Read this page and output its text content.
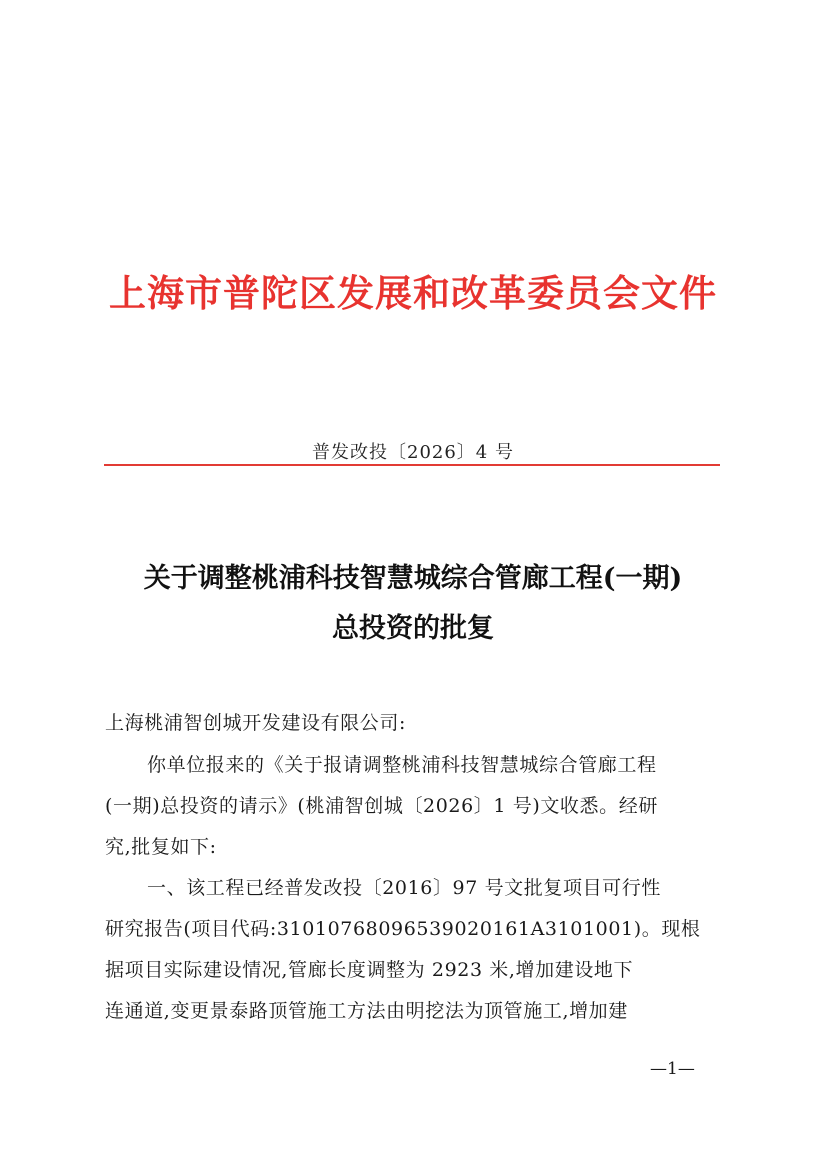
上海市普陀区发展和改革委员会文件
普发改投〔2026〕4 号
关于调整桃浦科技智慧城综合管廊工程(一期)
总投资的批复
上海桃浦智创城开发建设有限公司:
你单位报来的《关于报请调整桃浦科技智慧城综合管廊工程
(一期)总投资的请示》(桃浦智创城〔2026〕1 号)文收悉。经研
究,批复如下:
一、该工程已经普发改投〔2016〕97 号文批复项目可行性
研究报告(项目代码:31010768096539020161A3101001)。现根
据项目实际建设情况,管廊长度调整为 2923 米,增加建设地下
连通道,变更景泰路顶管施工方法由明挖法为顶管施工,增加建
—1—
